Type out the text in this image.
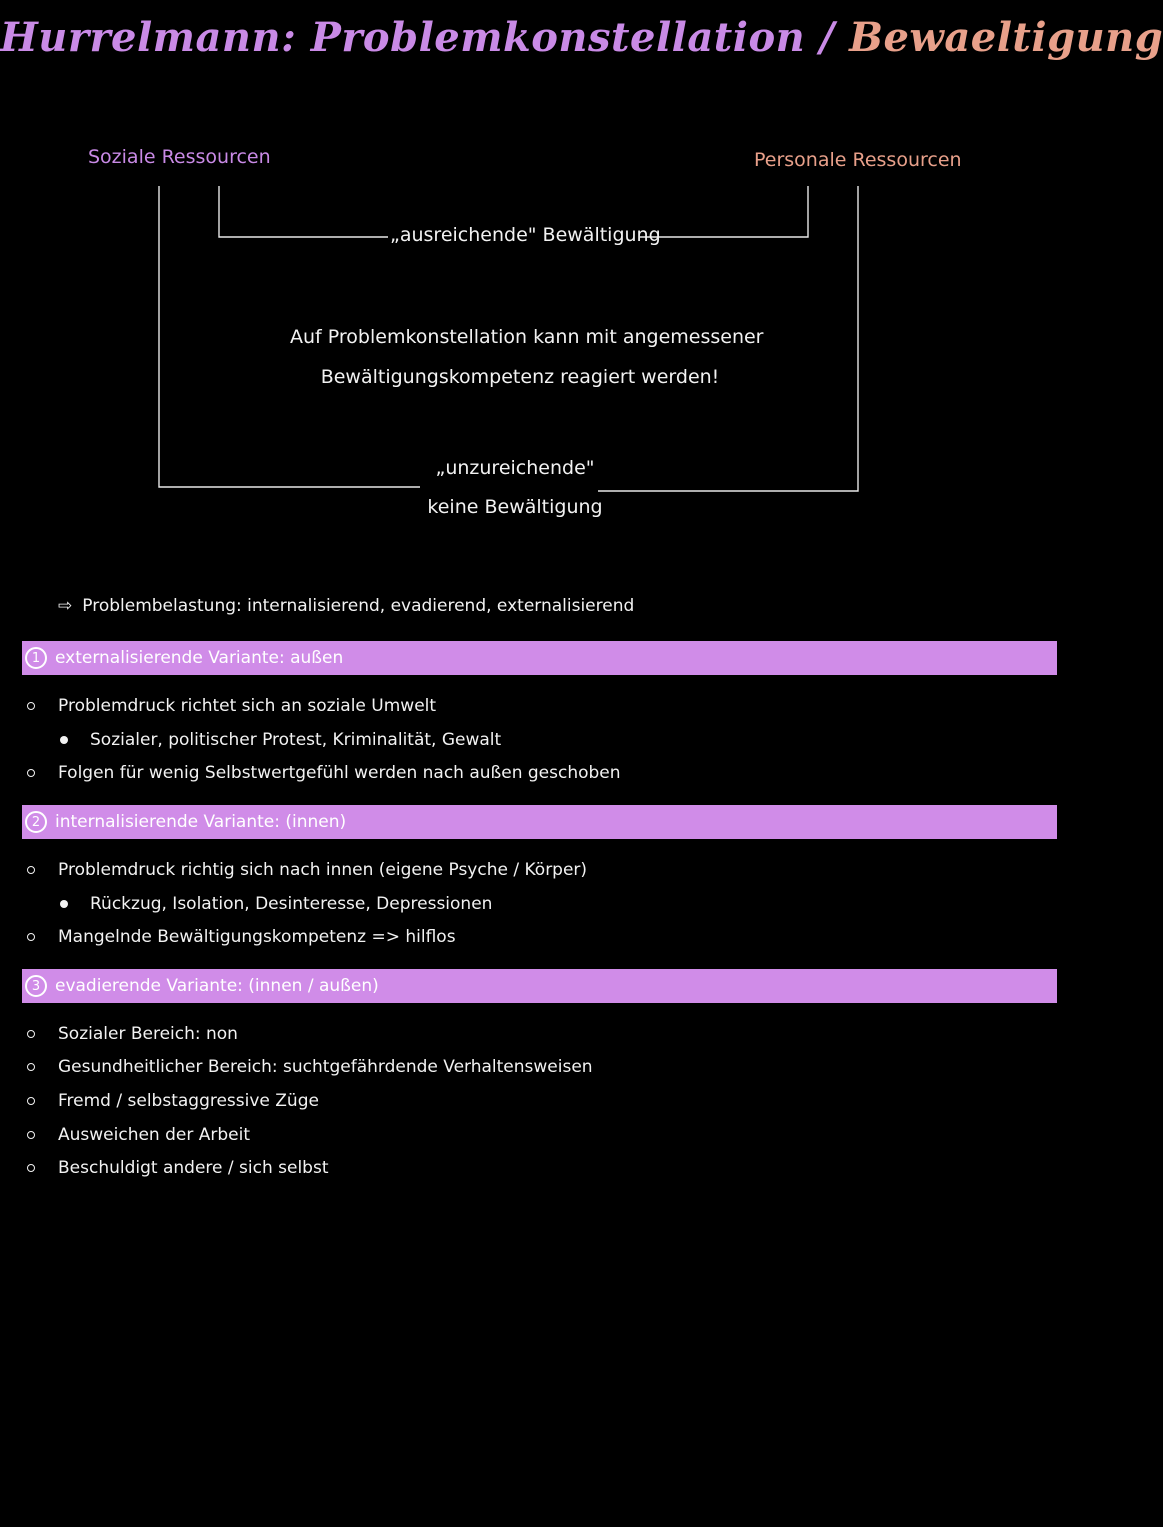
Hurrelmann: Problemkonstellation / Bewaeltigung
Soziale Ressourcen	Personale Ressourcen
„ausreichende" Bewältigung
Auf Problemkonstellation kann mit angemessener
Bewältigungskompetenz reagiert werden!
„unzureichende"
keine Bewältigung
⇨ Problembelastung: internalisierend, evadierend, externalisierend
1 externalisierende Variante: außen
Problemdruck richtet sich an soziale Umwelt
Sozialer, politischer Protest, Kriminalität, Gewalt
Folgen für wenig Selbstwertgefühl werden nach außen geschoben
2 internalisierende Variante: (innen)
Problemdruck richtig sich nach innen (eigene Psyche / Körper)
Rückzug, Isolation, Desinteresse, Depressionen
Mangelnde Bewältigungskompetenz => hilflos
3 evadierende Variante: (innen / außen)
Sozialer Bereich: non
Gesundheitlicher Bereich: suchtgefährdende Verhaltensweisen
Fremd / selbstaggressive Züge
Ausweichen der Arbeit
Beschuldigt andere / sich selbst
